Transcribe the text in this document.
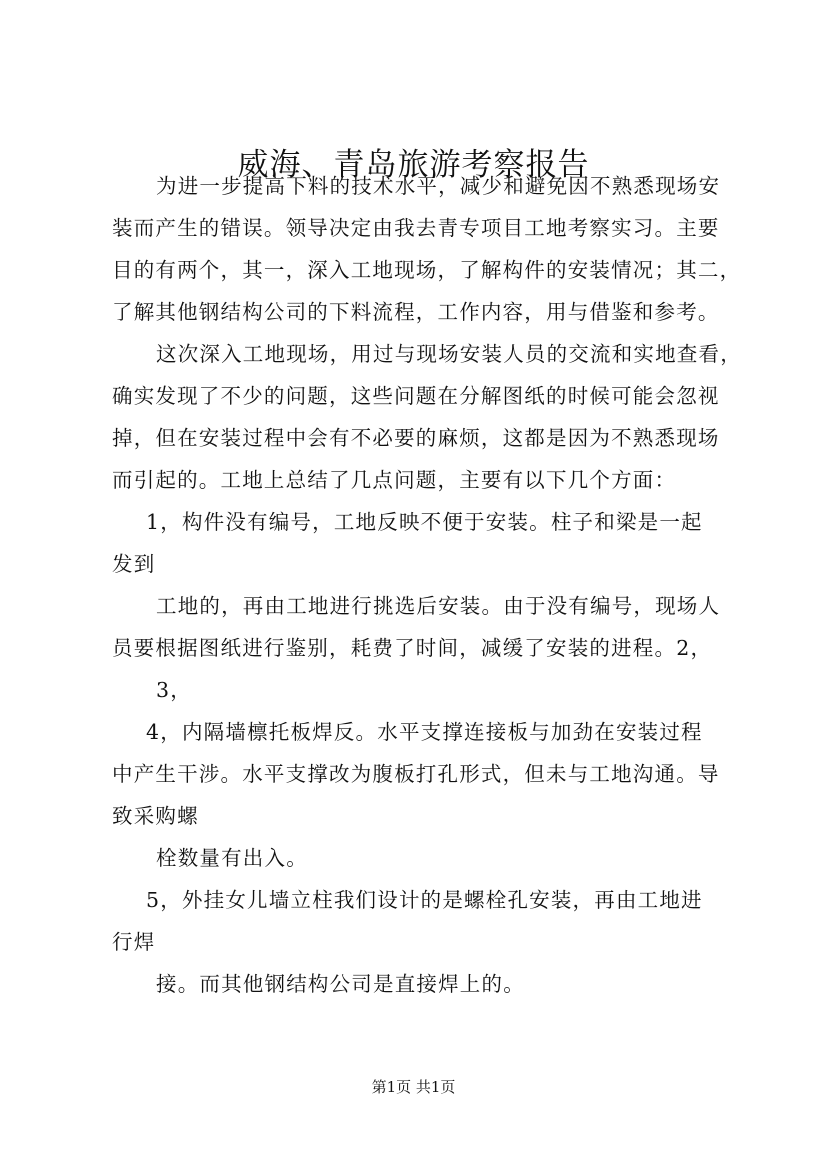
威海、青岛旅游考察报告
为进一步提高下料的技术水平，减少和避免因不熟悉现场安
装而产生的错误。领导决定由我去青专项目工地考察实习。主要
目的有两个，其一，深入工地现场，了解构件的安装情况；其二，
了解其他钢结构公司的下料流程，工作内容，用与借鉴和参考。
这次深入工地现场，用过与现场安装人员的交流和实地查看，
确实发现了不少的问题，这些问题在分解图纸的时候可能会忽视
掉，但在安装过程中会有不必要的麻烦，这都是因为不熟悉现场
而引起的。工地上总结了几点问题，主要有以下几个方面：
1，构件没有编号，工地反映不便于安装。柱子和梁是一起
发到
工地的，再由工地进行挑选后安装。由于没有编号，现场人
员要根据图纸进行鉴别，耗费了时间，减缓了安装的进程。2，
3，
4，内隔墙檩托板焊反。水平支撑连接板与加劲在安装过程
中产生干涉。水平支撑改为腹板打孔形式，但未与工地沟通。导
致采购螺
栓数量有出入。
5，外挂女儿墙立柱我们设计的是螺栓孔安装，再由工地进
行焊
接。而其他钢结构公司是直接焊上的。
第1页 共1页
